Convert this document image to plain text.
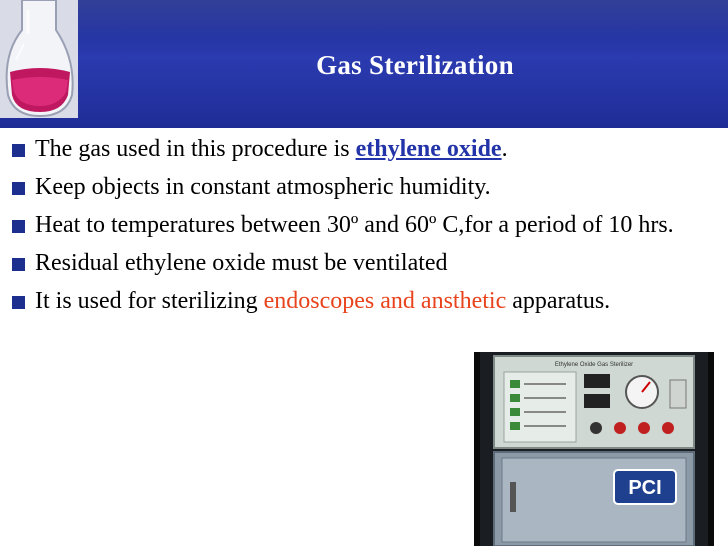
Gas Sterilization
The gas used in this procedure is ethylene oxide.
Keep objects in constant atmospheric humidity.
Heat to temperatures between 30º and 60º C,for a period of 10 hrs.
Residual ethylene oxide must be ventilated
It is used for sterilizing endoscopes and ansthetic apparatus.
Ethylene Oxide Gas Sterilizer
PCI
